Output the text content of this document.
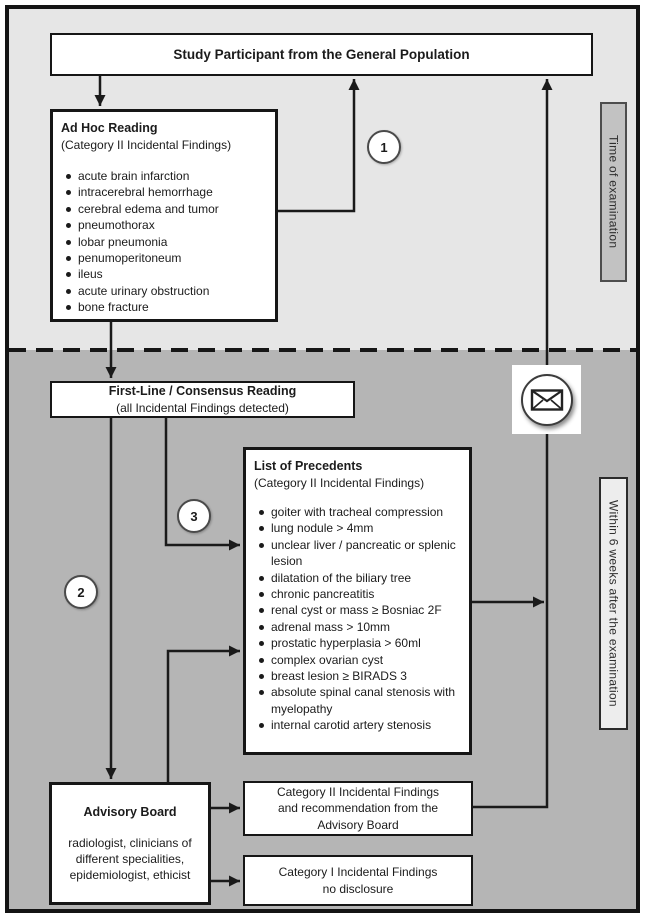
Study Participant from the General Population
Ad Hoc Reading
(Category II Incidental Findings)
acute brain infarction
intracerebral hemorrhage
cerebral edema and tumor
pneumothorax
lobar pneumonia
penumoperitoneum
ileus
acute urinary obstruction
bone fracture
First-Line / Consensus Reading
(all Incidental Findings detected)
List of Precedents
(Category II Incidental Findings)
goiter with tracheal compression
lung nodule > 4mm
unclear liver / pancreatic or splenic lesion
dilatation of the biliary tree
chronic pancreatitis
renal cyst or mass ≥ Bosniac 2F
adrenal mass > 10mm
prostatic hyperplasia > 60ml
complex ovarian cyst
breast lesion ≥ BIRADS 3
absolute spinal canal stenosis with myelopathy
internal carotid artery stenosis
Advisory Board
radiologist, clinicians of
different specialities,
epidemiologist, ethicist
Category II Incidental Findings
and recommendation from the
Advisory Board
Category I Incidental Findings
no disclosure
Time of examination
Within 6 weeks after the examination
1
2
3
